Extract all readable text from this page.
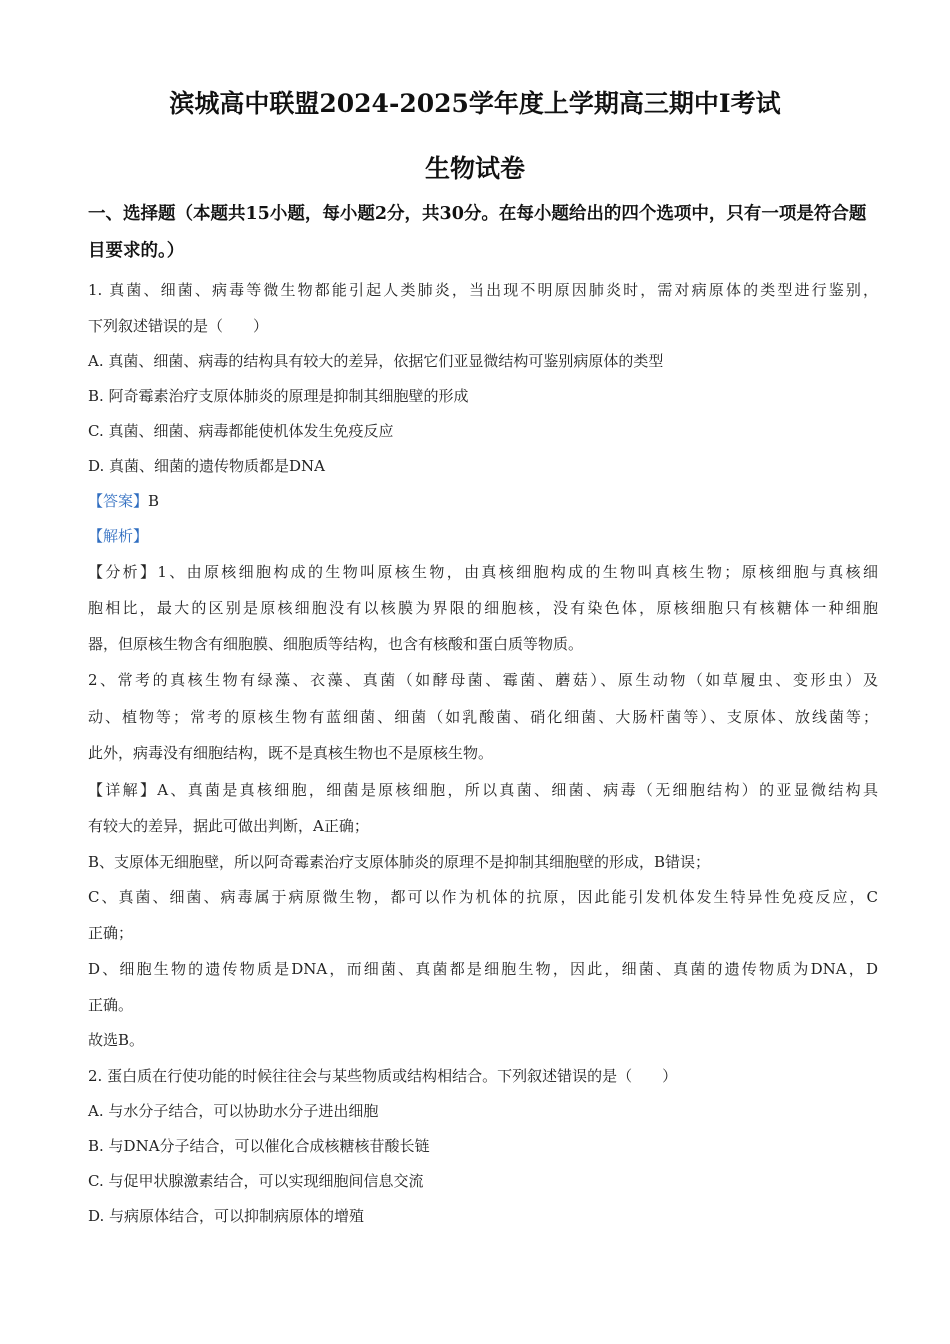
滨城高中联盟2024-2025学年度上学期高三期中I考试
生物试卷
一、选择题（本题共15小题，每小题2分，共30分。在每小题给出的四个选项中，只有一项是符合题目要求的。）
1. 真菌、细菌、病毒等微生物都能引起人类肺炎，当出现不明原因肺炎时，需对病原体的类型进行鉴别，
下列叙述错误的是（　　）
A. 真菌、细菌、病毒的结构具有较大的差异，依据它们亚显微结构可鉴别病原体的类型
B. 阿奇霉素治疗支原体肺炎的原理是抑制其细胞壁的形成
C. 真菌、细菌、病毒都能使机体发生免疫反应
D. 真菌、细菌的遗传物质都是DNA
【答案】B
【解析】
【分析】1、由原核细胞构成的生物叫原核生物，由真核细胞构成的生物叫真核生物；原核细胞与真核细
胞相比，最大的区别是原核细胞没有以核膜为界限的细胞核，没有染色体，原核细胞只有核糖体一种细胞
器，但原核生物含有细胞膜、细胞质等结构，也含有核酸和蛋白质等物质。
2、常考的真核生物有绿藻、衣藻、真菌（如酵母菌、霉菌、蘑菇）、原生动物（如草履虫、变形虫）及
动、植物等；常考的原核生物有蓝细菌、细菌（如乳酸菌、硝化细菌、大肠杆菌等）、支原体、放线菌等；
此外，病毒没有细胞结构，既不是真核生物也不是原核生物。
【详解】A、真菌是真核细胞，细菌是原核细胞，所以真菌、细菌、病毒（无细胞结构）的亚显微结构具
有较大的差异，据此可做出判断，A正确；
B、支原体无细胞壁，所以阿奇霉素治疗支原体肺炎的原理不是抑制其细胞壁的形成，B错误；
C、真菌、细菌、病毒属于病原微生物，都可以作为机体的抗原，因此能引发机体发生特异性免疫反应，C
正确；
D、细胞生物的遗传物质是DNA，而细菌、真菌都是细胞生物，因此，细菌、真菌的遗传物质为DNA，D
正确。
故选B。
2. 蛋白质在行使功能的时候往往会与某些物质或结构相结合。下列叙述错误的是（　　）
A. 与水分子结合，可以协助水分子进出细胞
B. 与DNA分子结合，可以催化合成核糖核苷酸长链
C. 与促甲状腺激素结合，可以实现细胞间信息交流
D. 与病原体结合，可以抑制病原体的增殖
